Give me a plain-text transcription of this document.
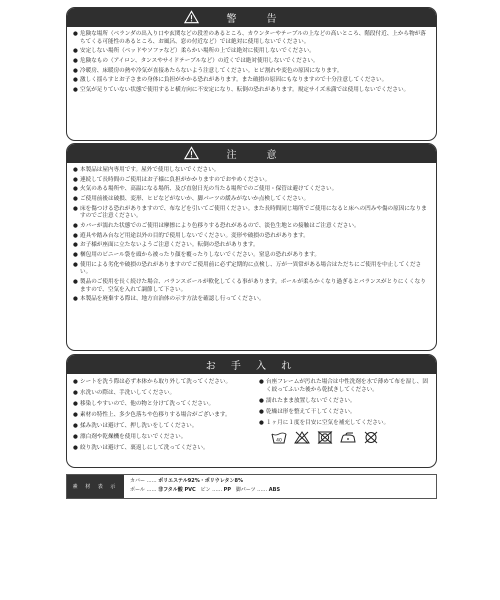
警　告
● 危険な場所（ベランダの出入り口や玄関などの段差のあるところ、カウンターやテーブルの上などの高いところ、階段付近、上から物が落ちてくる可能性のあるところ、お風呂、窓の付近など）では絶対に使用しないでください。
● 安定しない場所（ベッドやソファなど）柔らかい場所の上では絶対に使用しないでください。
● 危険なもの（アイロン、タンスやサイドテーブルなど）の近くでは絶対使用しないでください。
● 冷暖房、床暖房の熱や冷気が直接あたらないよう注意してください。ヒビ割れや変色の原因になります。
● 激しく揺らすとお子さまの身体に負担がかかる恐れがあります。また破損の原因にもなりますので十分注意してください。
● 空気が足りていない状態で使用すると横方向に不安定になり、転倒の恐れがあります。規定サイズ未満では使用しないでください。
注　意
● 本製品は屋内専用です。屋外で使用しないでください。
● 連続して長時間のご使用はお子様に負担がかかりますのでおやめください。
● 火気のある場所や、高温になる場所、及び直射日光の当たる場所でのご使用・保管は避けてください。
● ご使用前後は破損、変形、ヒビなどがないか、脚パーツの緩みがないか点検してください。
● 床を傷つける恐れがありますので、布などを引いてご使用ください。また長時間同じ場所でご使用になると床への凹みや傷の原因になりますのでご注意ください。
● カバーが濡れた状態でのご使用は摩擦により色移りする恐れがあるので、淡色生地との接触はご注意ください。
● 遊具や踏み台など用途以外の目的で使用しないでください。変形や破損の恐れがあります。
● お子様が座面に立たないようご注意ください。転倒の恐れがあります。
● 梱包用のビニール袋を頭から被ったり顔を覆ったりしないでください。窒息の恐れがあります。
● 使用による劣化や破損の恐れがありますのでご使用前に必ず定期的に点検し、万が一異常がある場合はただちにご使用を中止してください。
● 製品のご使用を長く続けた場合、バランスボールが軟化してくる事があります。ボールが柔らかくなり過ぎるとバランスがとりにくくなりますので、空気を入れて調節して下さい。
● 本製品を廃棄する際は、地方自治体の示す方法を確認し行ってください。
お 手 入 れ
● シートを洗う際は必ず本体から取り外して洗ってください。
● 水洗いの際は、手洗いしてください。
● 移染しやすいので、他の物と分けて洗ってください。
● 素材の特性上、多少色落ちや色移りする場合がございます。
● 揉み洗いは避けて、押し洗いをしてください。
● 漂白剤や乾燥機を使用しないでください。
● 絞り洗いは避けて、裏返しにして洗ってください。
● 台座フレームが汚れた場合は中性洗剤を水で薄めて布を湿し、固く絞ってふいた後から乾拭きしてください。
● 濡れたまま放置しないでください。
● 乾燥は形を整えて干してください。
● １ヶ月に１度を目安に空気を補充してください。
40
素 材 表 示
カバー …… ポリエステル92%・ポリウレタン8%
ボール …… 非フタル酸 PVC ピン …… PP 脚パーツ …… ABS
